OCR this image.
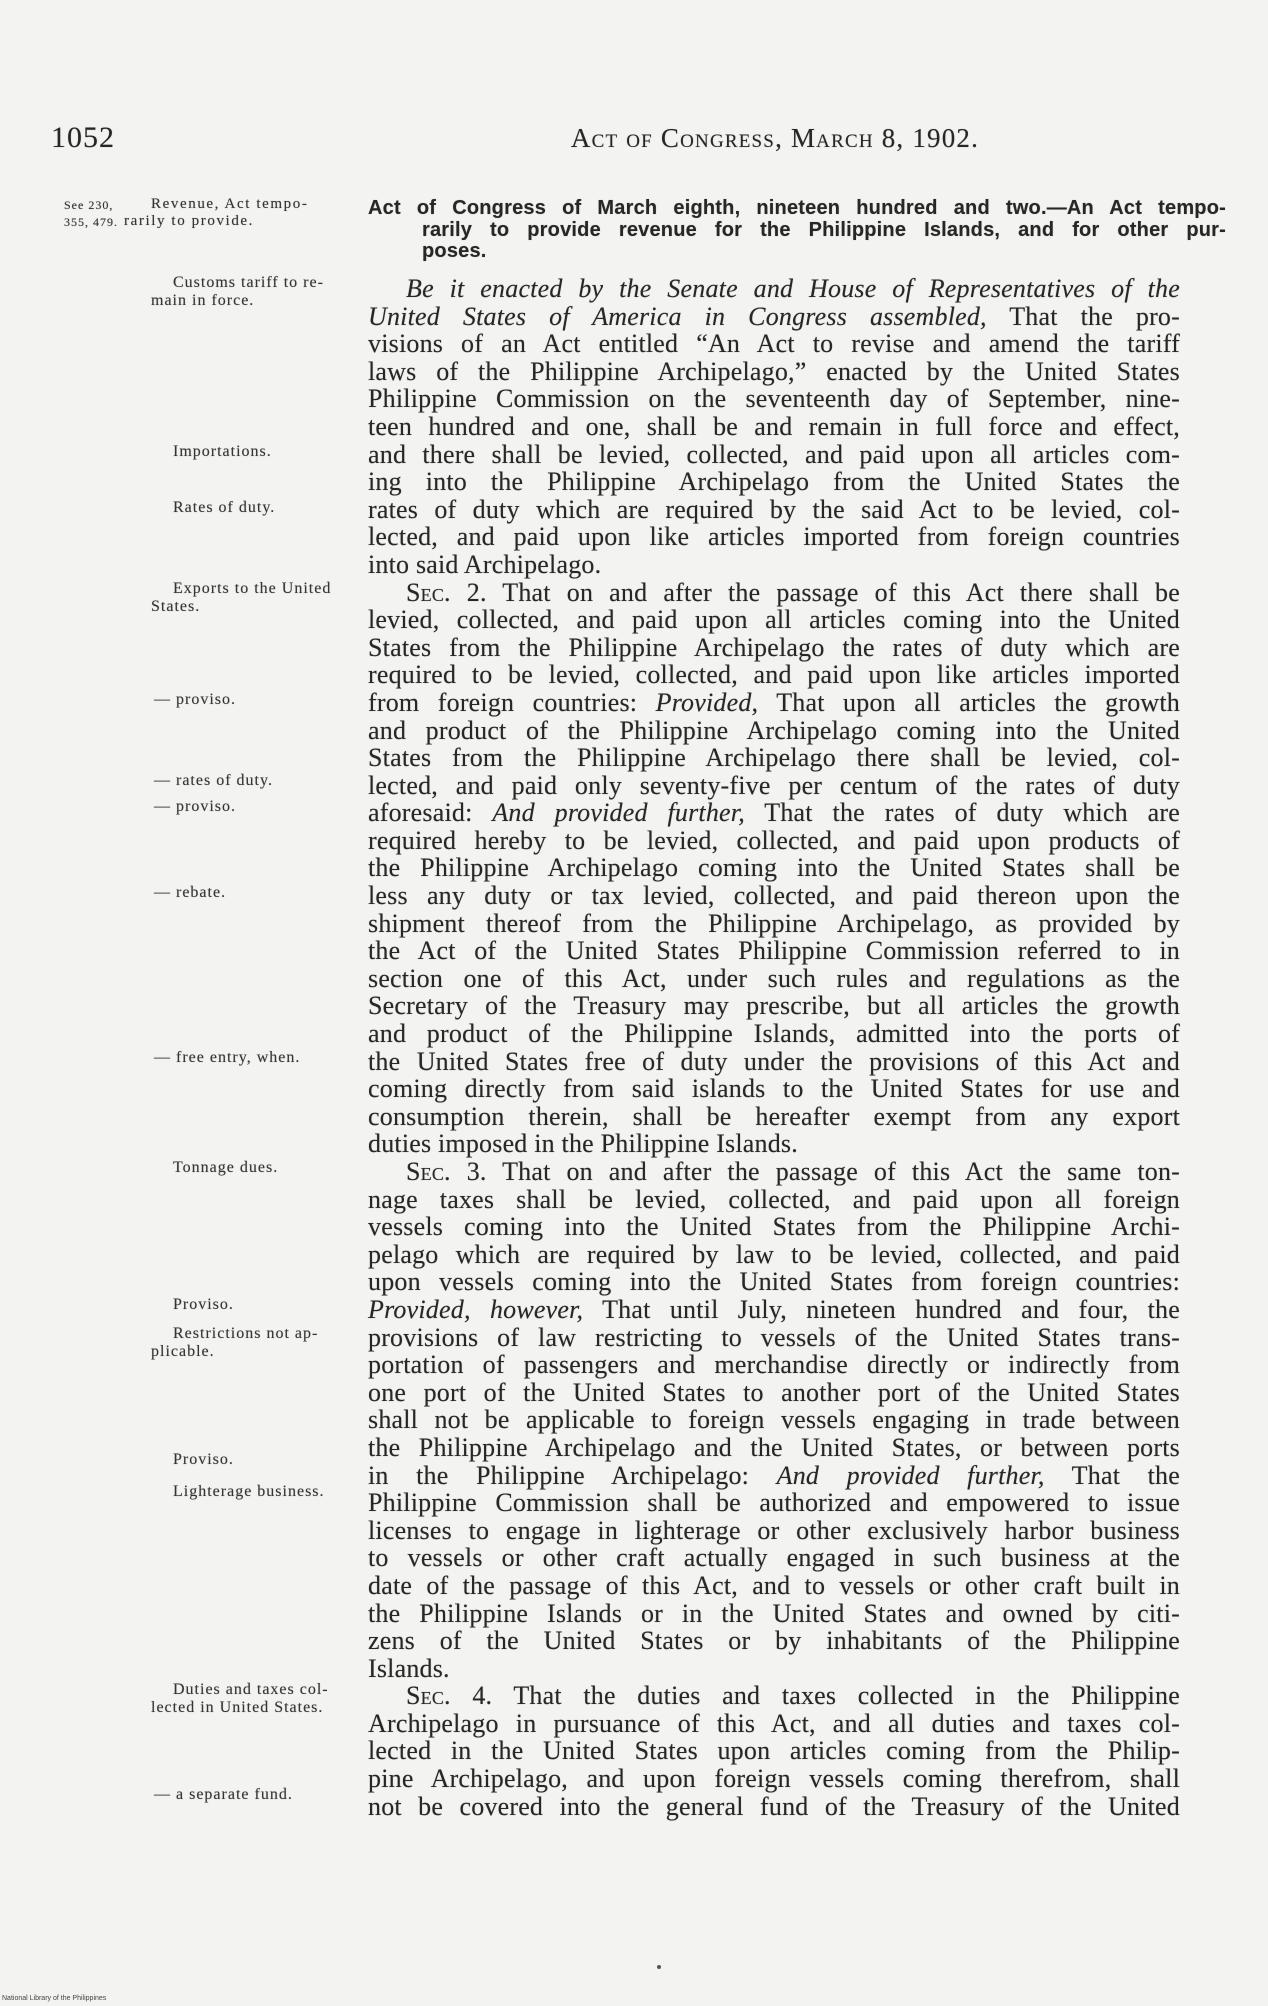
1052	Act of Congress, March 8, 1902.
See 230,
355, 479.
Revenue, Act tempo-
rarily to provide.
Act of Congress of March eighth, nineteen hundred and two.—An Act tempo-
rarily to provide revenue for the Philippine Islands, and for other pur-
poses.
Be it enacted by the Senate and House of Representatives of the
United States of America in Congress assembled, That the pro-
visions of an Act entitled “An Act to revise and amend the tariff
laws of the Philippine Archipelago,” enacted by the United States
Philippine Commission on the seventeenth day of September, nine-
teen hundred and one, shall be and remain in full force and effect,
and there shall be levied, collected, and paid upon all articles com-
ing into the Philippine Archipelago from the United States the
rates of duty which are required by the said Act to be levied, col-
lected, and paid upon like articles imported from foreign countries
into said Archipelago.
Sec. 2. That on and after the passage of this Act there shall be
levied, collected, and paid upon all articles coming into the United
States from the Philippine Archipelago the rates of duty which are
required to be levied, collected, and paid upon like articles imported
from foreign countries: Provided, That upon all articles the growth
and product of the Philippine Archipelago coming into the United
States from the Philippine Archipelago there shall be levied, col-
lected, and paid only seventy-five per centum of the rates of duty
aforesaid: And provided further, That the rates of duty which are
required hereby to be levied, collected, and paid upon products of
the Philippine Archipelago coming into the United States shall be
less any duty or tax levied, collected, and paid thereon upon the
shipment thereof from the Philippine Archipelago, as provided by
the Act of the United States Philippine Commission referred to in
section one of this Act, under such rules and regulations as the
Secretary of the Treasury may prescribe, but all articles the growth
and product of the Philippine Islands, admitted into the ports of
the United States free of duty under the provisions of this Act and
coming directly from said islands to the United States for use and
consumption therein, shall be hereafter exempt from any export
duties imposed in the Philippine Islands.
Sec. 3. That on and after the passage of this Act the same ton-
nage taxes shall be levied, collected, and paid upon all foreign
vessels coming into the United States from the Philippine Archi-
pelago which are required by law to be levied, collected, and paid
upon vessels coming into the United States from foreign countries:
Provided, however, That until July, nineteen hundred and four, the
provisions of law restricting to vessels of the United States trans-
portation of passengers and merchandise directly or indirectly from
one port of the United States to another port of the United States
shall not be applicable to foreign vessels engaging in trade between
the Philippine Archipelago and the United States, or between ports
in the Philippine Archipelago: And provided further, That the
Philippine Commission shall be authorized and empowered to issue
licenses to engage in lighterage or other exclusively harbor business
to vessels or other craft actually engaged in such business at the
date of the passage of this Act, and to vessels or other craft built in
the Philippine Islands or in the United States and owned by citi-
zens of the United States or by inhabitants of the Philippine
Islands.
Sec. 4. That the duties and taxes collected in the Philippine
Archipelago in pursuance of this Act, and all duties and taxes col-
lected in the United States upon articles coming from the Philip-
pine Archipelago, and upon foreign vessels coming therefrom, shall
not be covered into the general fund of the Treasury of the United
Customs tariff to re-
main in force.
Importations.
Rates of duty.
Exports to the United
States.
— proviso.
— rates of duty.
— proviso.
— rebate.
— free entry, when.
Tonnage dues.
Proviso.
Restrictions not ap-
plicable.
Proviso.
Lighterage business.
Duties and taxes col-
lected in United States.
— a separate fund.
National Library of the Philippines
